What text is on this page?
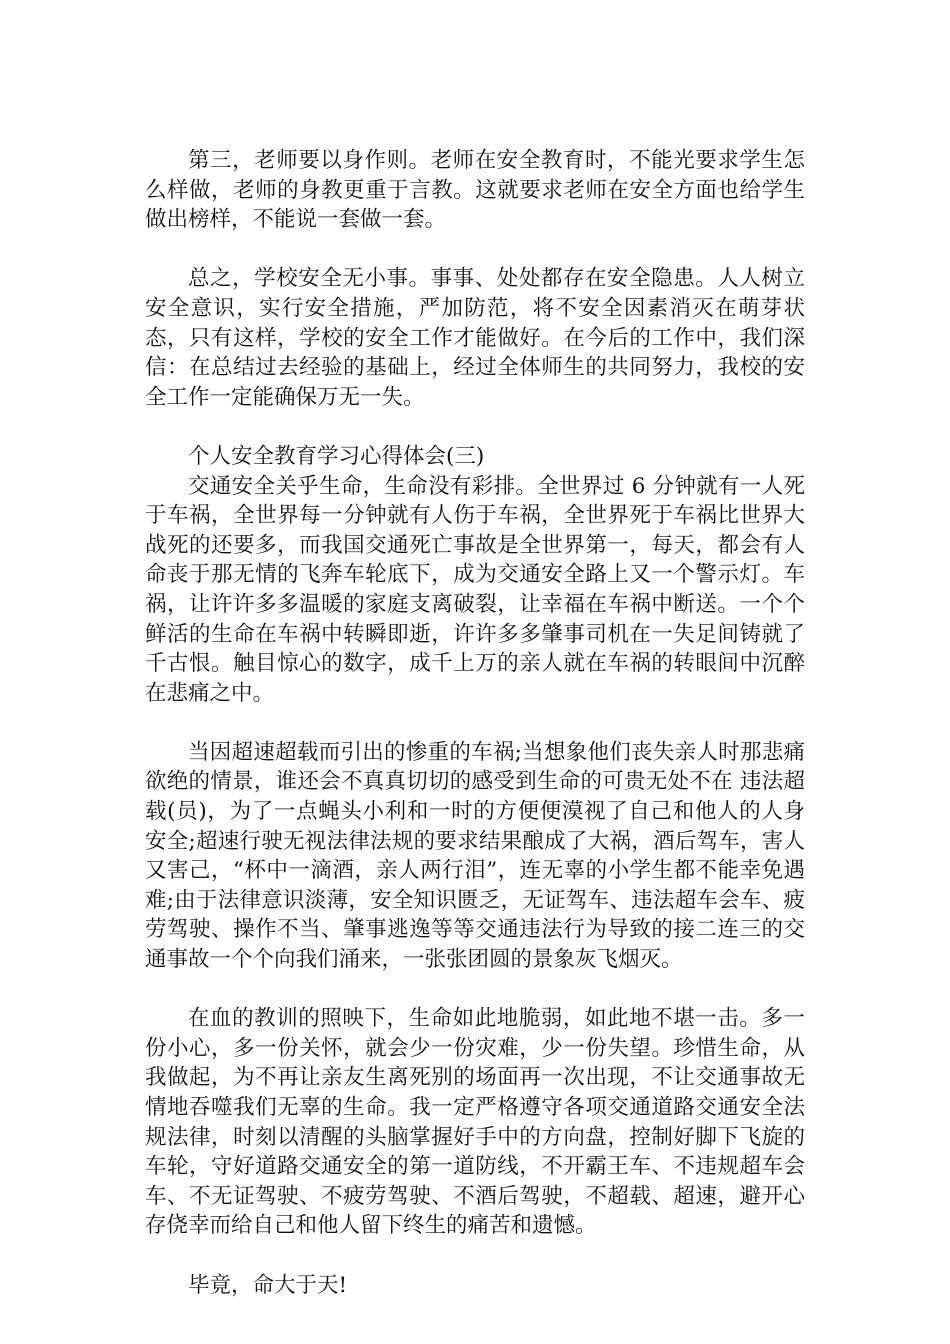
第三，老师要以身作则。老师在安全教育时，不能光要求学生怎么样做，老师的身教更重于言教。这就要求老师在安全方面也给学生做出榜样，不能说一套做一套。

总之，学校安全无小事。事事、处处都存在安全隐患。人人树立安全意识，实行安全措施，严加防范，将不安全因素消灭在萌芽状态，只有这样，学校的安全工作才能做好。在今后的工作中，我们深信：在总结过去经验的基础上，经过全体师生的共同努力，我校的安全工作一定能确保万无一失。

个人安全教育学习心得体会(三)

交通安全关乎生命，生命没有彩排。全世界过 6 分钟就有一人死于车祸，全世界每一分钟就有人伤于车祸，全世界死于车祸比世界大战死的还要多，而我国交通死亡事故是全世界第一，每天，都会有人命丧于那无情的飞奔车轮底下，成为交通安全路上又一个警示灯。车祸，让许许多多温暖的家庭支离破裂，让幸福在车祸中断送。一个个鲜活的生命在车祸中转瞬即逝，许许多多肇事司机在一失足间铸就了千古恨。触目惊心的数字，成千上万的亲人就在车祸的转眼间中沉醉在悲痛之中。

当因超速超载而引出的惨重的车祸;当想象他们丧失亲人时那悲痛欲绝的情景，谁还会不真真切切的感受到生命的可贵无处不在 违法超载(员)，为了一点蝇头小利和一时的方便便漠视了自己和他人的人身安全;超速行驶无视法律法规的要求结果酿成了大祸，酒后驾车，害人又害己，“杯中一滴酒，亲人两行泪”，连无辜的小学生都不能幸免遇难;由于法律意识淡薄，安全知识匮乏，无证驾车、违法超车会车、疲劳驾驶、操作不当、肇事逃逸等等交通违法行为导致的接二连三的交通事故一个个向我们涌来，一张张团圆的景象灰飞烟灭。

在血的教训的照映下，生命如此地脆弱，如此地不堪一击。多一份小心，多一份关怀，就会少一份灾难，少一份失望。珍惜生命，从我做起，为不再让亲友生离死别的场面再一次出现，不让交通事故无情地吞噬我们无辜的生命。我一定严格遵守各项交通道路交通安全法规法律，时刻以清醒的头脑掌握好手中的方向盘，控制好脚下飞旋的车轮，守好道路交通安全的第一道防线，不开霸王车、不违规超车会车、不无证驾驶、不疲劳驾驶、不酒后驾驶，不超载、超速，避开心存侥幸而给自己和他人留下终生的痛苦和遗憾。

毕竟，命大于天!
